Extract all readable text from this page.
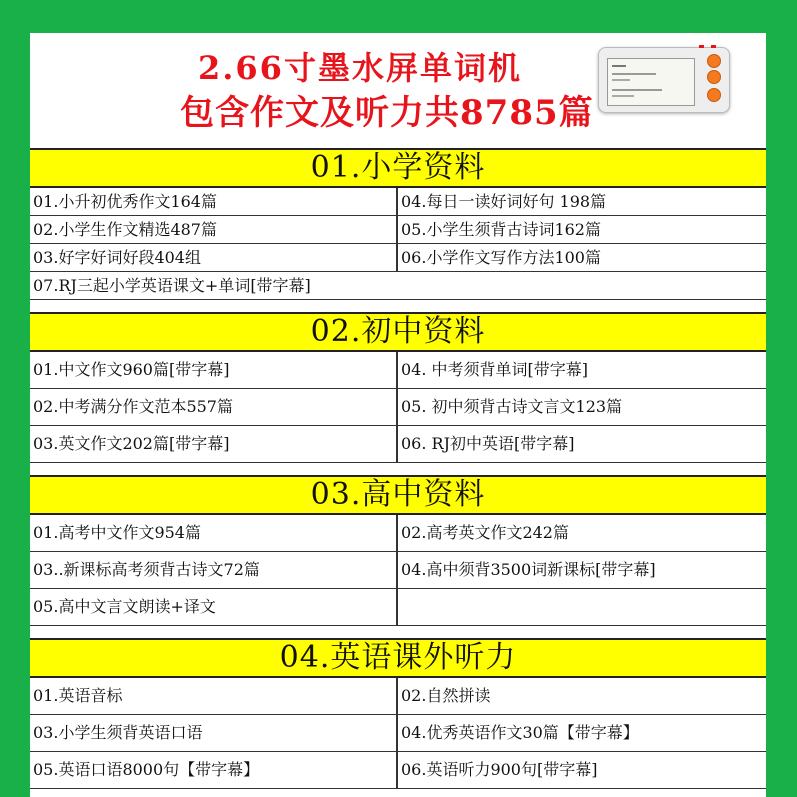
2.66寸墨水屏单词机
包含作文及听力共8785篇
01.小学资料
01.小升初优秀作文164篇	04.每日一读好词好句 198篇
02.小学生作文精选487篇	05.小学生须背古诗词162篇
03.好字好词好段404组	06.小学作文写作方法100篇
07.RJ三起小学英语课文+单词[带字幕]
02.初中资料
01.中文作文960篇[带字幕]	04. 中考须背单词[带字幕]
02.中考满分作文范本557篇	05. 初中须背古诗文言文123篇
03.英文作文202篇[带字幕]	06. RJ初中英语[带字幕]
03.高中资料
01.高考中文作文954篇	02.高考英文作文242篇
03..新课标高考须背古诗文72篇	04.高中须背3500词新课标[带字幕]
05.高中文言文朗读+译文
04.英语课外听力
01.英语音标	02.自然拼读
03.小学生须背英语口语	04.优秀英语作文30篇【带字幕】
05.英语口语8000句【带字幕】	06.英语听力900句[带字幕]
